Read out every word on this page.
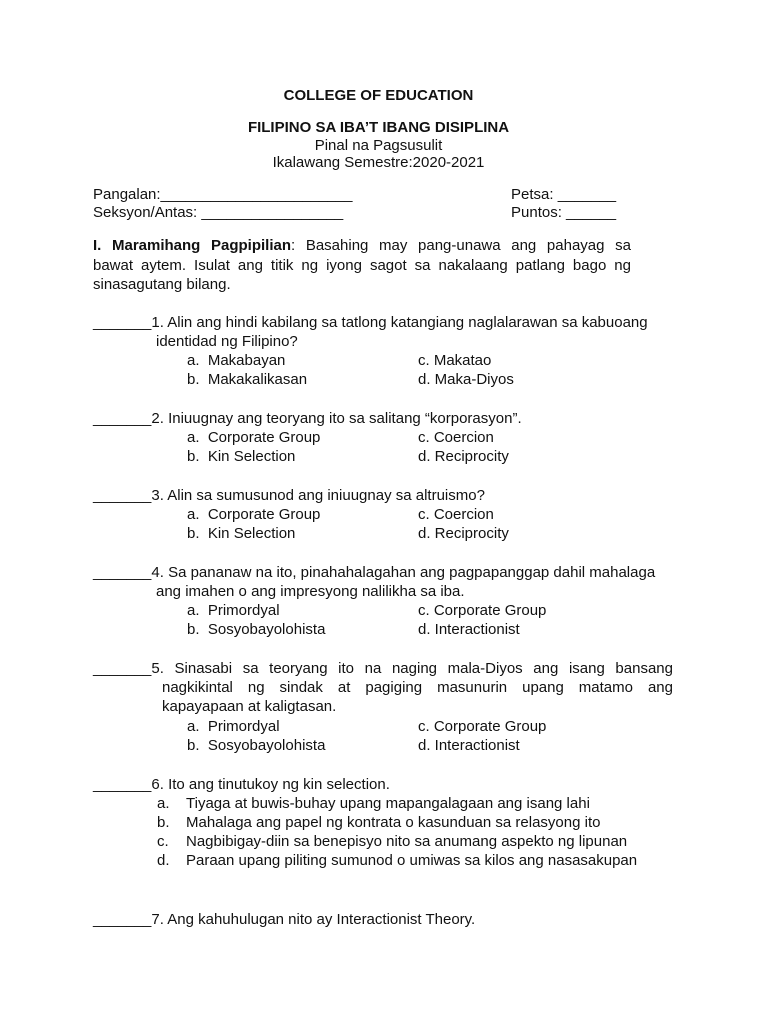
COLLEGE OF EDUCATION
FILIPINO SA IBA’T IBANG DISIPLINA
Pinal na Pagsusulit
Ikalawang Semestre:2020-2021
Pangalan:_______________________
Seksyon/Antas: _________________
Petsa: _______
Puntos: ______
I. Maramihang Pagpipilian: Basahing may pang-unawa ang pahayag sa
bawat aytem. Isulat ang titik ng iyong sagot sa nakalaang patlang bago ng
sinasagutang bilang.
_______1. Alin ang hindi kabilang sa tatlong katangiang naglalarawan sa kabuoang
identidad ng Filipino?
a.  Makabayan
b.  Makakalikasan
c. Makatao
d. Maka-Diyos
_______2. Iniuugnay ang teoryang ito sa salitang “korporasyon”.
a.  Corporate Group
b.  Kin Selection
c. Coercion
d. Reciprocity
_______3. Alin sa sumusunod ang iniuugnay sa altruismo?
a.  Corporate Group
b.  Kin Selection
c. Coercion
d. Reciprocity
_______4. Sa pananaw na ito, pinahahalagahan ang pagpapanggap dahil mahalaga
ang imahen o ang impresyong nalilikha sa iba.
a.  Primordyal
b.  Sosyobayolohista
c. Corporate Group
d. Interactionist
_______5. Sinasabi sa teoryang ito na naging mala-Diyos ang isang bansang
nagkikintal ng sindak at pagiging masunurin upang matamo ang
kapayapaan at kaligtasan.
a.  Primordyal
b.  Sosyobayolohista
c. Corporate Group
d. Interactionist
_______6. Ito ang tinutukoy ng kin selection.
a. Tiyaga at buwis-buhay upang mapangalagaan ang isang lahi
b. Mahalaga ang papel ng kontrata o kasunduan sa relasyong ito
c. Nagbibigay-diin sa benepisyo nito sa anumang aspekto ng lipunan
d. Paraan upang piliting sumunod o umiwas sa kilos ang nasasakupan
_______7. Ang kahuhulugan nito ay Interactionist Theory.
